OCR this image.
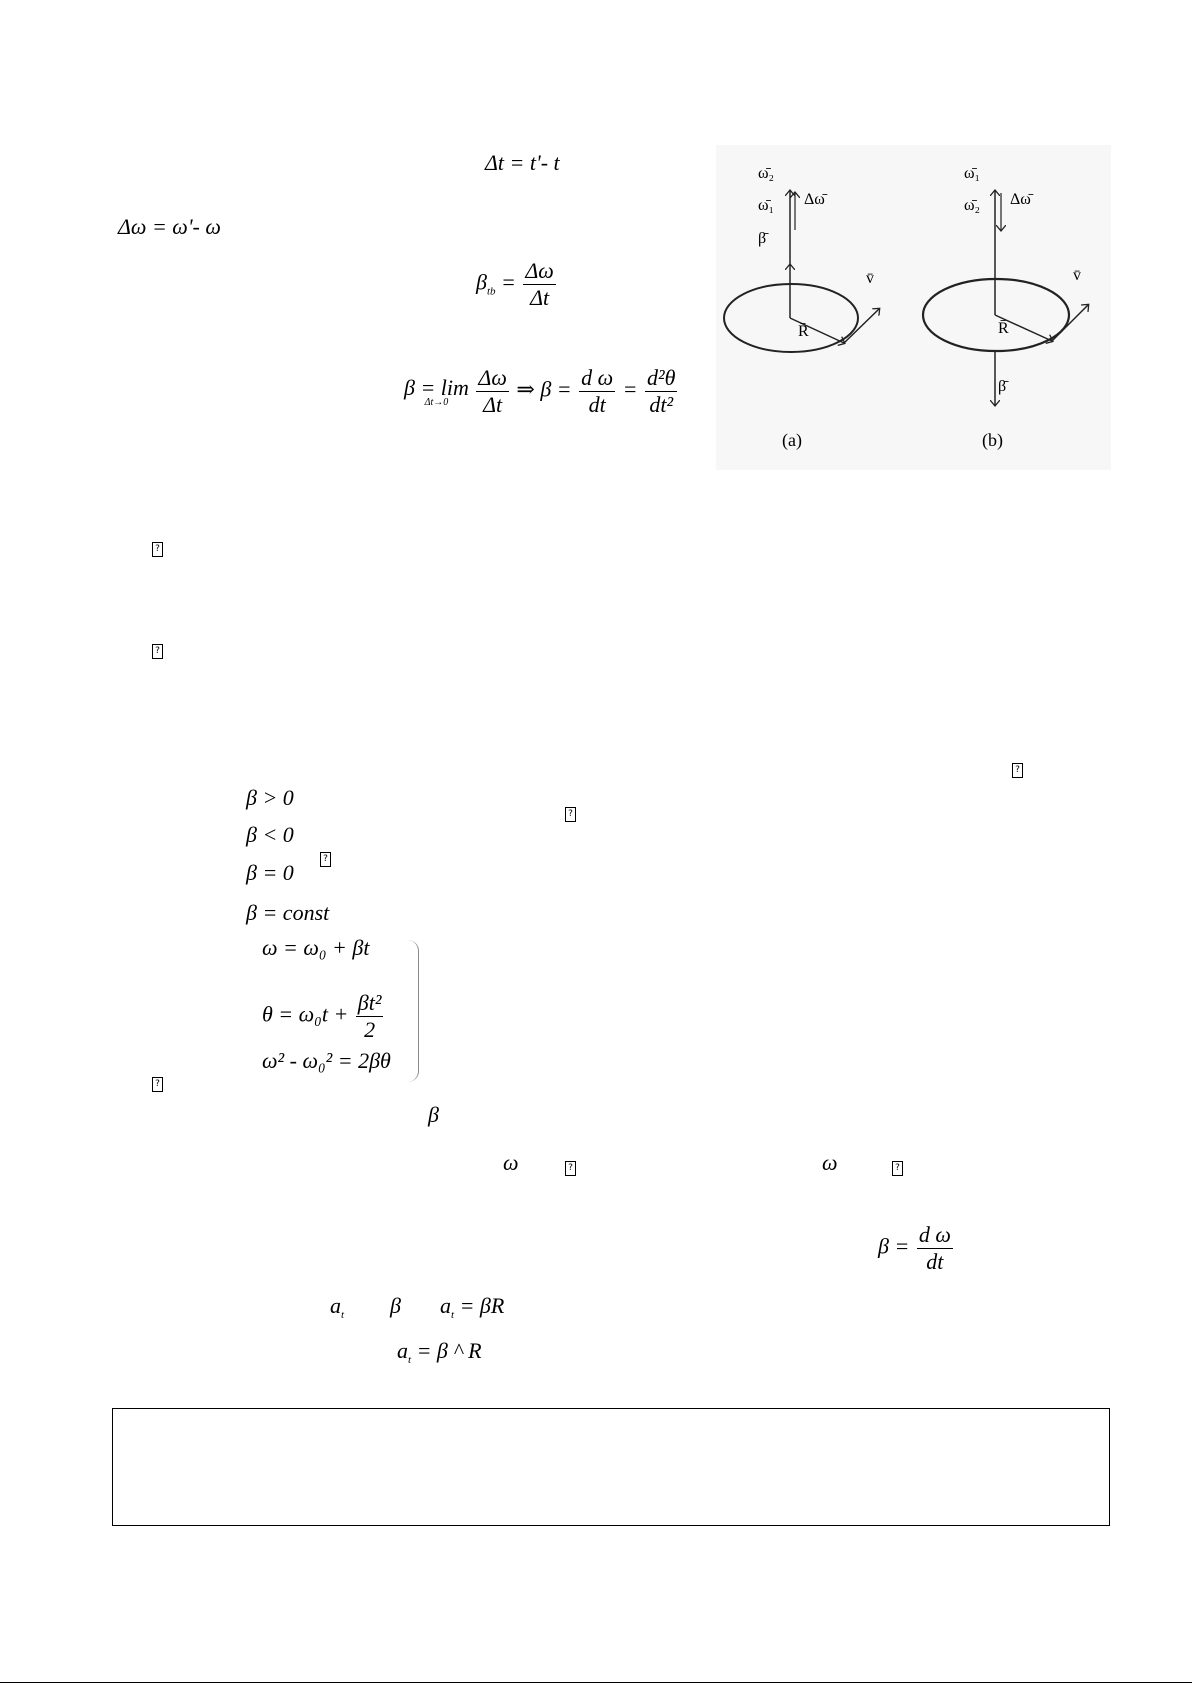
Δt = t'- t
Δω = ω'- ω
$\beta_{tb} = \frac{\Delta\omega}{\Delta t}$
β = lim
Δt→0
	$\frac{\Delta\omega}{\Delta t}$ ⇒ $\beta = \frac{\text{d ω}}{dt} = \frac{\text{d²θ}}{\text{dt²}}$
ω̄₂
ω̄₁ Δω̄
β̄
R̄
v̄
(a)
ω̄₁
ω̄₂ Δω̄
β̄
R̄
v̄
(b)
?
?
?
?
?
?
?	?
β > 0
β < 0
β = 0
β = const
ω = ω₀ + βt
$\theta = \omega_0t + \frac{\text{βt²}}{2}$
ω² - ω₀² = 2βθ
β
ω	ω
$\beta = \frac{\text{d ω}}{dt}$
$a_t$ β $a_t = \beta R$
$a_t = \beta$ ^ R
